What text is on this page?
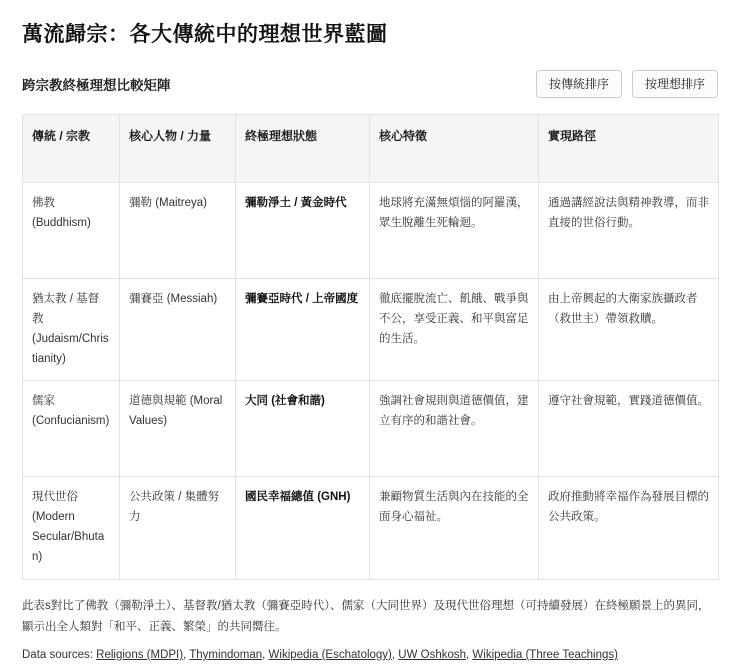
萬流歸宗：各大傳統中的理想世界藍圖
跨宗教終極理想比較矩陣	按傳統排序	按理想排序
傳統 / 宗教	核心人物 / 力量	終極理想狀態	核心特徵	實現路徑
佛教 (Buddhism)	彌勒 (Maitreya)	彌勒淨土 / 黃金時代	地球將充滿無煩惱的阿羅漢，眾生脫離生死輪迴。	通過講經說法與精神教導，而非直接的世俗行動。
猶太教 / 基督教 (Judaism/Christianity)	彌賽亞 (Messiah)	彌賽亞時代 / 上帝國度	徹底擺脫流亡、飢餓、戰爭與不公，享受正義、和平與富足的生活。	由上帝興起的大衛家族攝政者（救世主）帶領救贖。
儒家 (Confucianism)	道德與規範 (Moral Values)	大同 (社會和諧)	強調社會規則與道德價值，建立有序的和諧社會。	遵守社會規範，實踐道德價值。
現代世俗 (Modern Secular/Bhutan)	公共政策 / 集體努力	國民幸福總值 (GNH)	兼顧物質生活與內在技能的全面身心福祉。	政府推動將幸福作為發展目標的公共政策。
此表ѕ對比了佛教（彌勒淨土）、基督教/猶太教（彌賽亞時代）、儒家（大同世界）及現代世俗理想（可持續發展）在終極願景上的異同，顯示出全人類對「和平、正義、繁榮」的共同嚮往。
Data sources: Religions (MDPI), Thymindoman, Wikipedia (Eschatology), UW Oshkosh, Wikipedia (Three Teachings)
